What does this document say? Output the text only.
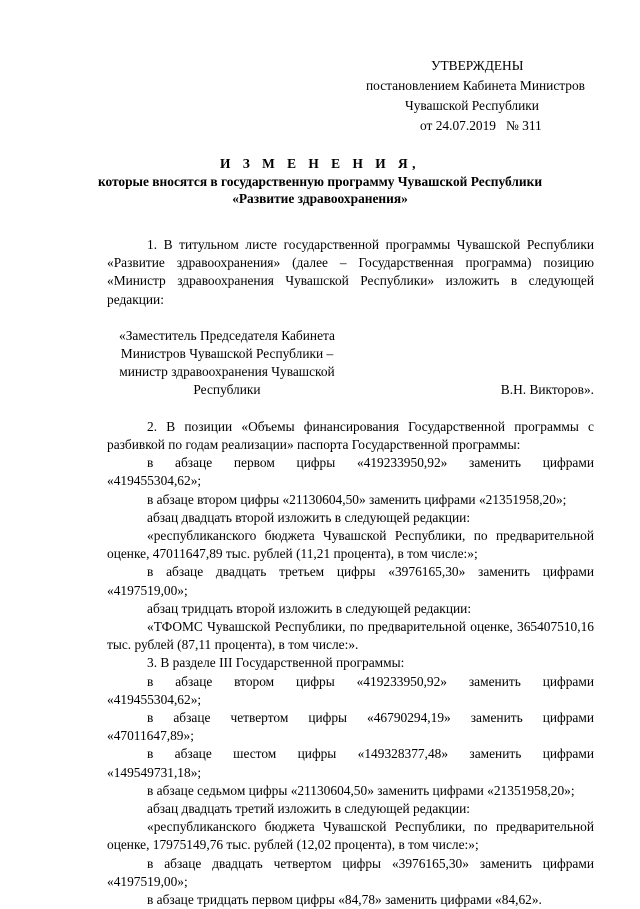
УТВЕРЖДЕНЫ
постановлением Кабинета Министров
Чувашской Республики
от 24.07.2019   № 311
И З М Е Н Е Н И Я,
которые вносятся в государственную программу Чувашской Республики
«Развитие здравоохранения»

1. В титульном листе государственной программы Чувашской Республики «Развитие здравоохранения» (далее – Государственная программа) позицию «Министр здравоохранения Чувашской Республики» изложить в следующей редакции:

«Заместитель Председателя Кабинета
Министров Чувашской Республики –
министр здравоохранения Чувашской
Республики	В.Н. Викторов».

2. В позиции «Объемы финансирования Государственной программы с разбивкой по годам реализации» паспорта Государственной программы:

в абзаце первом цифры «419233950,92» заменить цифрами

«419455304,62»;

в абзаце втором цифры «21130604,50» заменить цифрами «21351958,20»;

абзац двадцать второй изложить в следующей редакции:

«республиканского бюджета Чувашской Республики, по предварительной оценке, 47011647,89 тыс. рублей (11,21 процента), в том числе:»;

в абзаце двадцать третьем цифры «3976165,30» заменить цифрами

«4197519,00»;

абзац тридцать второй изложить в следующей редакции:

«ТФОМС Чувашской Республики, по предварительной оценке, 365407510,16 тыс. рублей (87,11 процента), в том числе:».

3. В разделе III Государственной программы:

в абзаце втором цифры «419233950,92» заменить цифрами

«419455304,62»;

в абзаце четвертом цифры «46790294,19» заменить цифрами

«47011647,89»;

в абзаце шестом цифры «149328377,48» заменить цифрами

«149549731,18»;

в абзаце седьмом цифры «21130604,50» заменить цифрами «21351958,20»;

абзац двадцать третий изложить в следующей редакции:

«республиканского бюджета Чувашской Республики, по предварительной оценке, 17975149,76 тыс. рублей (12,02 процента), в том числе:»;

в абзаце двадцать четвертом цифры «3976165,30» заменить цифрами

«4197519,00»;

в абзаце тридцать первом цифры «84,78» заменить цифрами «84,62».
